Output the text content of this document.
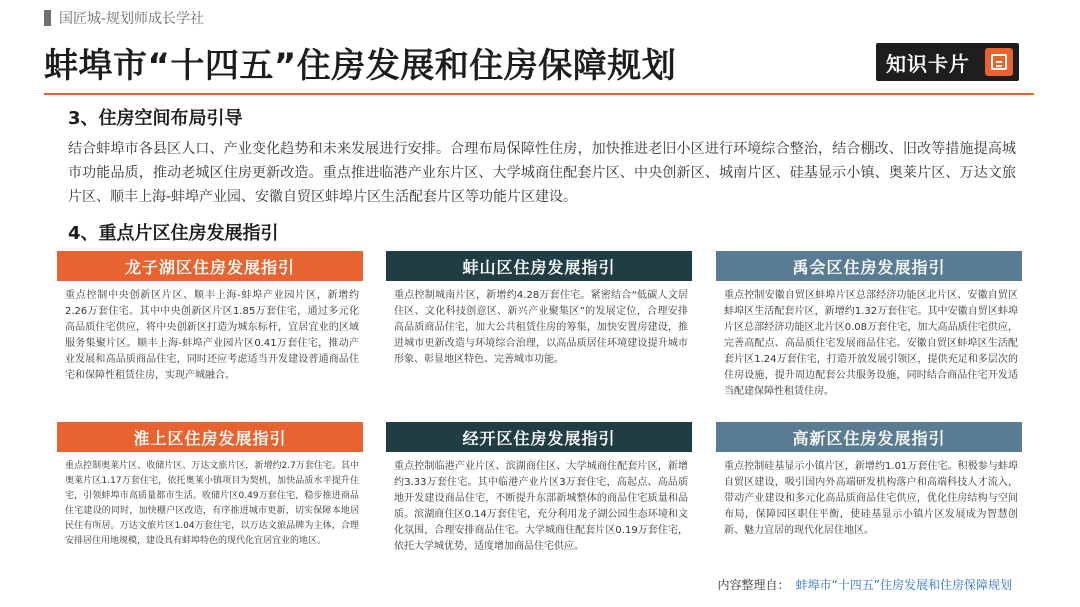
国匠城-规划师成长学社
蚌埠市“十四五”住房发展和住房保障规划	知识卡片
3、住房空间布局引导
结合蚌埠市各县区人口、产业变化趋势和未来发展进行安排。合理布局保障性住房，加快推进老旧小区进行环境综合整治，结合棚改、旧改等措施提高城市功能品质，推动老城区住房更新改造。重点推进临港产业东片区、大学城商住配套片区、中央创新区、城南片区、硅基显示小镇、奥莱片区、万达文旅片区、顺丰上海-蚌埠产业园、安徽自贸区蚌埠片区生活配套片区等功能片区建设。
4、重点片区住房发展指引
龙子湖区住房发展指引
重点控制中央创新区片区、顺丰上海-蚌埠产业园片区，新增约2.26万套住宅。其中中央创新区片区1.85万套住宅，通过多元化高品质住宅供应，将中央创新区打造为城东标杆，宜居宜业的区域服务集聚片区。顺丰上海-蚌埠产业园片区0.41万套住宅，推动产业发展和高品质商品住宅，同时还应考虑适当开发建设普通商品住宅和保障性租赁住房，实现产城融合。
蚌山区住房发展指引
重点控制城南片区，新增约4.28万套住宅。紧密结合“低碳人文居住区、文化科技创意区、新兴产业聚集区”的发展定位，合理安排高品质商品住宅，加大公共租赁住房的筹集，加快安置房建设，推进城市更新改造与环境综合治理，以高品质居住环境建设提升城市形象、彰显地区特色、完善城市功能。
禹会区住房发展指引
重点控制安徽自贸区蚌埠片区总部经济功能区北片区、安徽自贸区蚌埠区生活配套片区，新增约1.32万套住宅。其中安徽自贸区蚌埠片区总部经济功能区北片区0.08万套住宅，加大高品质住宅供应，完善高配点、高品质住宅发展商品住宅。安徽自贸区蚌埠区生活配套片区1.24万套住宅，打造开放发展引领区，提供充足和多层次的住房设施，提升周边配套公共服务设施，同时结合商品住宅开发适当配建保障性租赁住房。
淮上区住房发展指引
重点控制奥莱片区、收储片区、万达文旅片区，新增约2.7万套住宅。其中奥莱片区1.17万套住宅，依托奥莱小镇项目为契机，加快品质水平提升住宅，引领蚌埠市高质量都市生活。收储片区0.49万套住宅，稳步推进商品住宅建设的同时，加快棚户区改造，有序推进城市更新，切实保障本地居民住有所居。万达文旅片区1.04万套住宅，以万达文旅品牌为主体，合理安排居住用地规模，建设具有蚌埠特色的现代化宜居宜业的地区。
经开区住房发展指引
重点控制临港产业片区、滨湖商住区、大学城商住配套片区，新增约3.33万套住宅。其中临港产业片区3万套住宅，高起点、高品质地开发建设商品住宅，不断提升东部新城整体的商品住宅质量和品质。滨湖商住区0.14万套住宅，充分利用龙子湖公园生态环境和文化氛围，合理安排商品住宅。大学城商住配套片区0.19万套住宅，依托大学城优势，适度增加商品住宅供应。
高新区住房发展指引
重点控制硅基显示小镇片区，新增约1.01万套住宅。积极参与蚌埠自贸区建设，吸引国内外高端研发机构落户和高端科技人才流入，带动产业建设和多元化高品质商品住宅供应，优化住房结构与空间布局，保障园区职住平衡，使硅基显示小镇片区发展成为智慧创新、魅力宜居的现代化居住地区。
内容整理自： 蚌埠市“十四五”住房发展和住房保障规划
